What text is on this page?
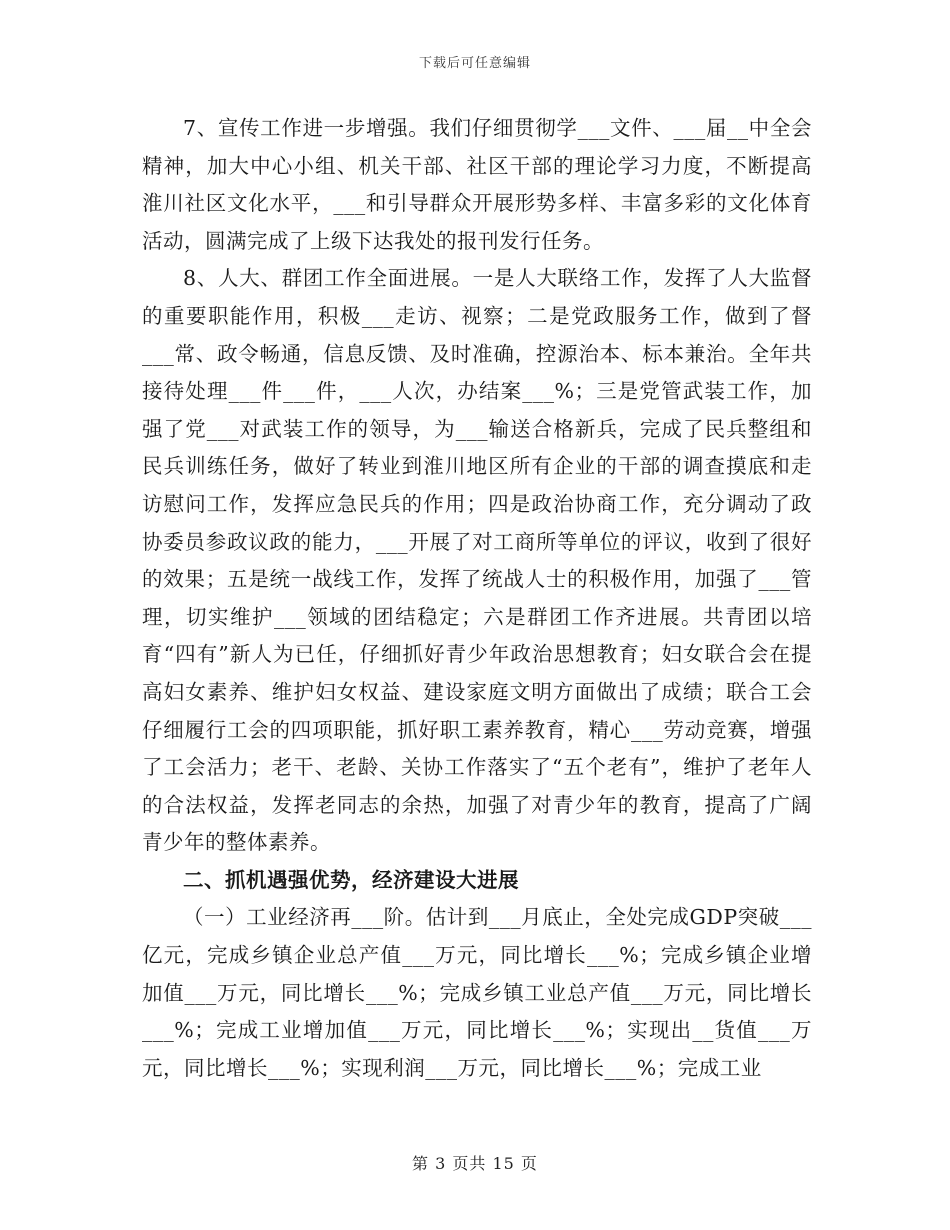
下载后可任意编辑

7、宣传工作进一步增强。我们仔细贯彻学___文件、___届__中全会精神，加大中心小组、机关干部、社区干部的理论学习力度，不断提高淮川社区文化水平，___和引导群众开展形势多样、丰富多彩的文化体育活动，圆满完成了上级下达我处的报刊发行任务。

8、人大、群团工作全面进展。一是人大联络工作，发挥了人大监督的重要职能作用，积极___走访、视察；二是党政服务工作，做到了督___常、政令畅通，信息反馈、及时准确，控源治本、标本兼治。全年共接待处理___件___件，___人次，办结案___%；三是党管武装工作，加强了党___对武装工作的领导，为___输送合格新兵，完成了民兵整组和民兵训练任务，做好了转业到淮川地区所有企业的干部的调查摸底和走访慰问工作，发挥应急民兵的作用；四是政治协商工作，充分调动了政协委员参政议政的能力，___开展了对工商所等单位的评议，收到了很好的效果；五是统一战线工作，发挥了统战人士的积极作用，加强了___管理，切实维护___领域的团结稳定；六是群团工作齐进展。共青团以培育“四有”新人为已任，仔细抓好青少年政治思想教育；妇女联合会在提高妇女素养、维护妇女权益、建设家庭文明方面做出了成绩；联合工会仔细履行工会的四项职能，抓好职工素养教育，精心___劳动竞赛，增强了工会活力；老干、老龄、关协工作落实了“五个老有”，维护了老年人的合法权益，发挥老同志的余热，加强了对青少年的教育，提高了广阔青少年的整体素养。

二、抓机遇强优势，经济建设大进展

（一）工业经济再___阶。估计到___月底止，全处完成GDP突破___亿元，完成乡镇企业总产值___万元，同比增长___%；完成乡镇企业增加值___万元，同比增长___%；完成乡镇工业总产值___万元，同比增长___%；完成工业增加值___万元，同比增长___%；实现出__货值___万元，同比增长___%；实现利润___万元，同比增长___%；完成工业

第 3 页共 15 页
